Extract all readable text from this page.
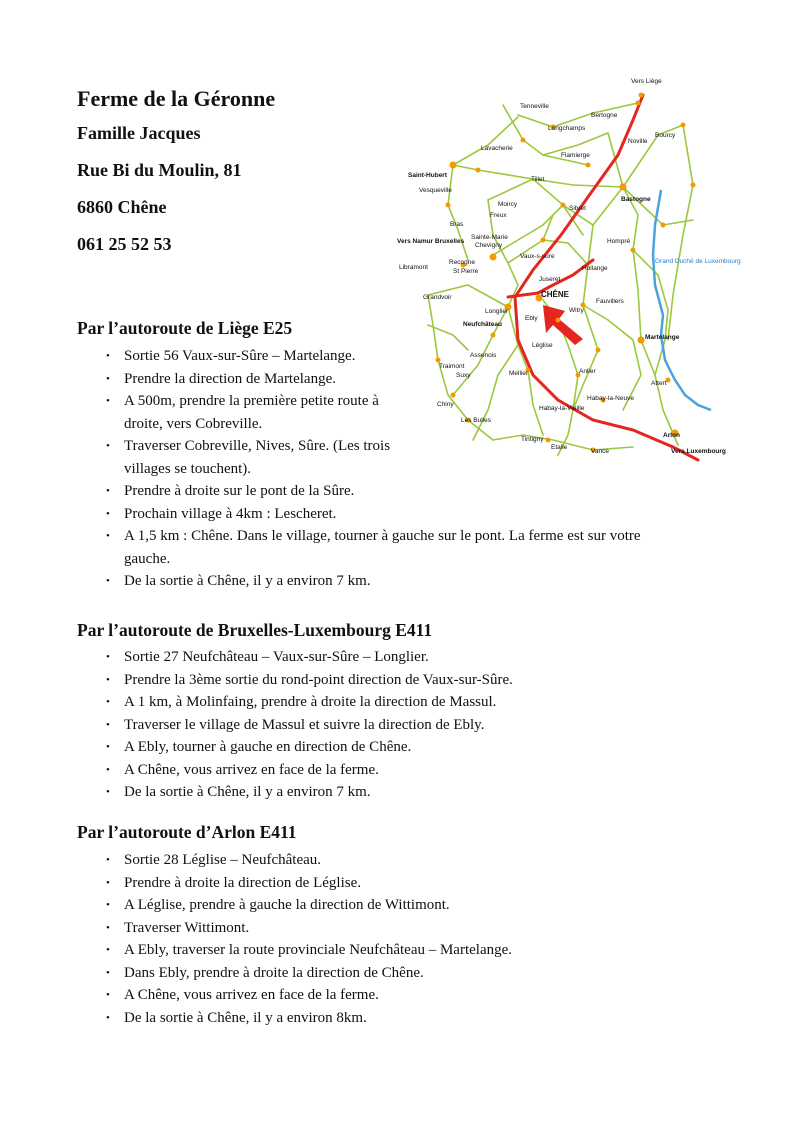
Ferme de la Géronne
Famille Jacques
Rue Bi du Moulin, 81
6860 Chêne
061 25 52 53
Vers Liège
Tenneville
Bertogne
Longchamps
Bourcy
Noville
Lavacherie
Flamierge
Saint-Hubert
Vesqueville
Tillet
Bastogne
Moircy
Freux
Sibret
Bras
Sainte-Marie
Chevigny
Hompré
Vers Namur Bruxelles
Libramont
Recogne
St Pierre
Vaux-s-sure
Juseret
Hollange
Grand Duché de Luxembourg
CHÊNE
Grandvoir
Longlier
Ebly
Witry
Fauvillers
Neufchâteau
Martelange
Léglise
Assenois
Traimont
Suxy	Mellier	Anlier
Chiny
Habay-la-Neuve
Attert
Habay-la-Vieille
Les Bulles
Tintigny
Etalle
Vance
Arlon
Vers Luxembourg
Par l’autoroute de Liège E25
• Sortie 56 Vaux-sur-Sûre – Martelange.
• Prendre la direction de Martelange.
• A 500m, prendre la première petite route à droite, vers Cobreville.
• Traverser Cobreville, Nives, Sûre. (Les trois villages se touchent).
• Prendre à droite sur le pont de la Sûre.
• Prochain village à 4km : Lescheret.
• A 1,5 km : Chêne. Dans le village, tourner à gauche sur le pont. La ferme est sur votre gauche.
• De la sortie à Chêne, il y a environ 7 km.
Par l’autoroute de Bruxelles-Luxembourg E411
• Sortie 27 Neufchâteau – Vaux-sur-Sûre – Longlier.
• Prendre la 3ème sortie du rond-point direction de Vaux-sur-Sûre.
• A 1 km, à Molinfaing, prendre à droite la direction de Massul.
• Traverser le village de Massul et suivre la direction de Ebly.
• A Ebly, tourner à gauche en direction de Chêne.
• A Chêne, vous arrivez en face de la ferme.
• De la sortie à Chêne, il y a environ 7 km.
Par l’autoroute d’Arlon E411
• Sortie 28 Léglise – Neufchâteau.
• Prendre à droite la direction de Léglise.
• A Léglise, prendre à gauche la direction de Wittimont.
• Traverser Wittimont.
• A Ebly, traverser la route provinciale Neufchâteau – Martelange.
• Dans Ebly, prendre à droite la direction de Chêne.
• A Chêne, vous arrivez en face de la ferme.
• De la sortie à Chêne, il y a environ 8km.
